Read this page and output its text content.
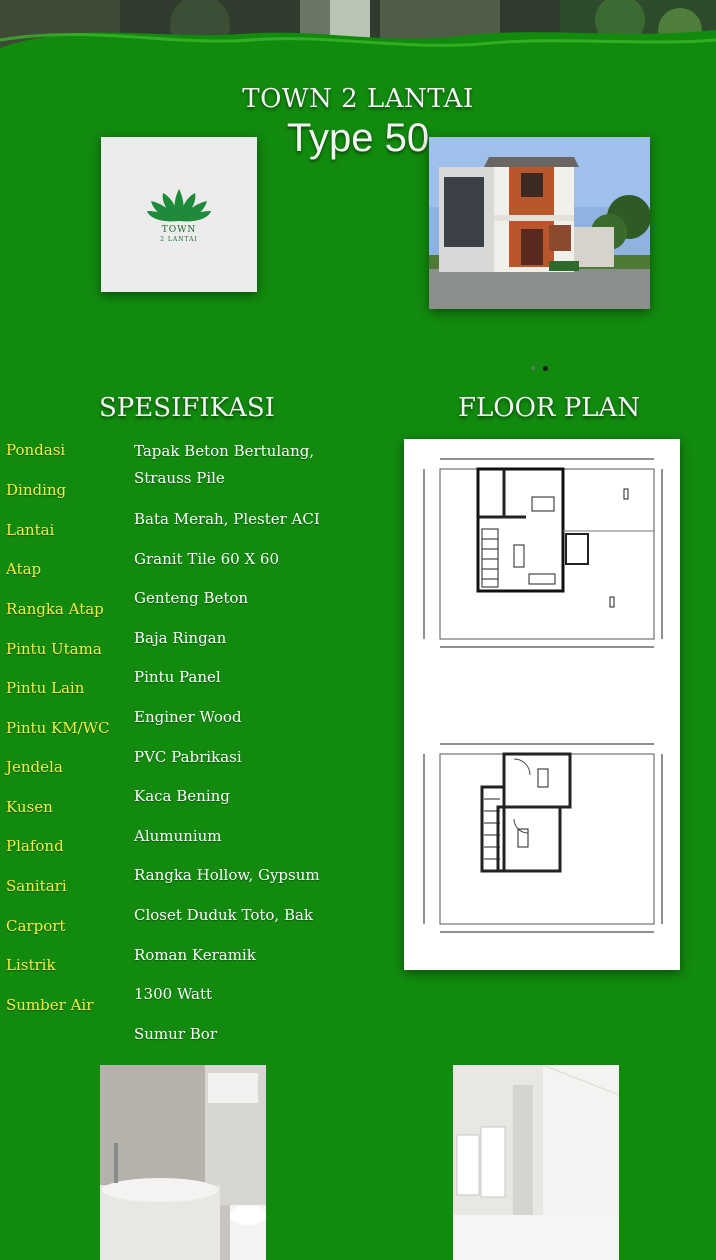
TOWN 2 LANTAI
Type 50
TOWN
2 LANTAI
SPESIFIKASI	FLOOR PLAN
Pondasi
Dinding
Lantai
Atap
Rangka Atap
Pintu Utama
Pintu Lain
Pintu KM/WC
Jendela
Kusen
Plafond
Sanitari
Carport
Listrik
Sumber Air
Tapak Beton Bertulang, Strauss Pile
Bata Merah, Plester ACI
Granit Tile 60 X 60
Genteng Beton
Baja Ringan
Pintu Panel
Enginer Wood
PVC Pabrikasi
Kaca Bening
Alumunium
Rangka Hollow, Gypsum
Closet Duduk Toto, Bak
Roman Keramik
1300 Watt
Sumur Bor
